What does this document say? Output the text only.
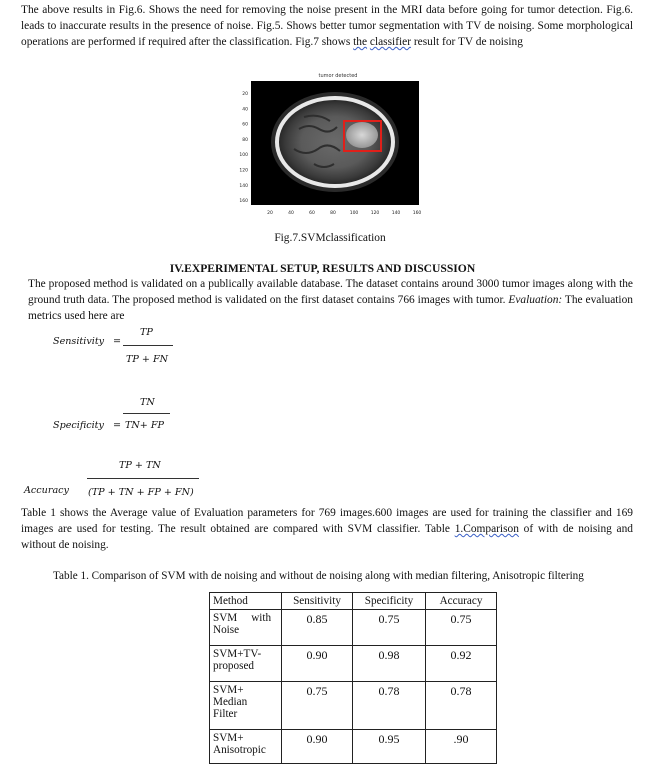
The above results in Fig.6. Shows the need for removing the noise present in the MRI data before going for tumor detection. Fig.6. leads to inaccurate results in the presence of noise. Fig.5. Shows better tumor segmentation with TV de noising. Some morphological operations are performed if required after the classification. Fig.7 shows the classifier result for TV de noising
tumor detected
20
40
60
80
100
120
140
160
20	40	60	80	100	120	140	160
Fig.7.SVMclassification
IV.EXPERIMENTAL SETUP, RESULTS AND DISCUSSION
The proposed method is validated on a publically available database. The dataset contains around 3000 tumor images along with the ground truth data. The proposed method is validated on the first dataset contains 766 images with tumor. Evaluation: The evaluation metrics used here are
Sensitivity =
TP
TP + FN
TN
Specificity = TN+ FP
TP + TN
Accuracy (TP + TN + FP + FN)
Table 1 shows the Average value of Evaluation parameters for 769 images.600 images are used for training the classifier and 169 images are used for testing. The result obtained are compared with SVM classifier. Table 1.Comparison of with de noising and without de noising.
Table 1. Comparison of SVM with de noising and without de noising along with median filtering, Anisotropic filtering
Method	Sensitivity	Specificity	Accuracy

SVM     with
Noise	0.85	0.75	0.75

SVM+TV-
proposed	0.90	0.98	0.92

SVM+
Median
Filter	0.75	0.78	0.78

SVM+
Anisotropic	0.90	0.95	.90
